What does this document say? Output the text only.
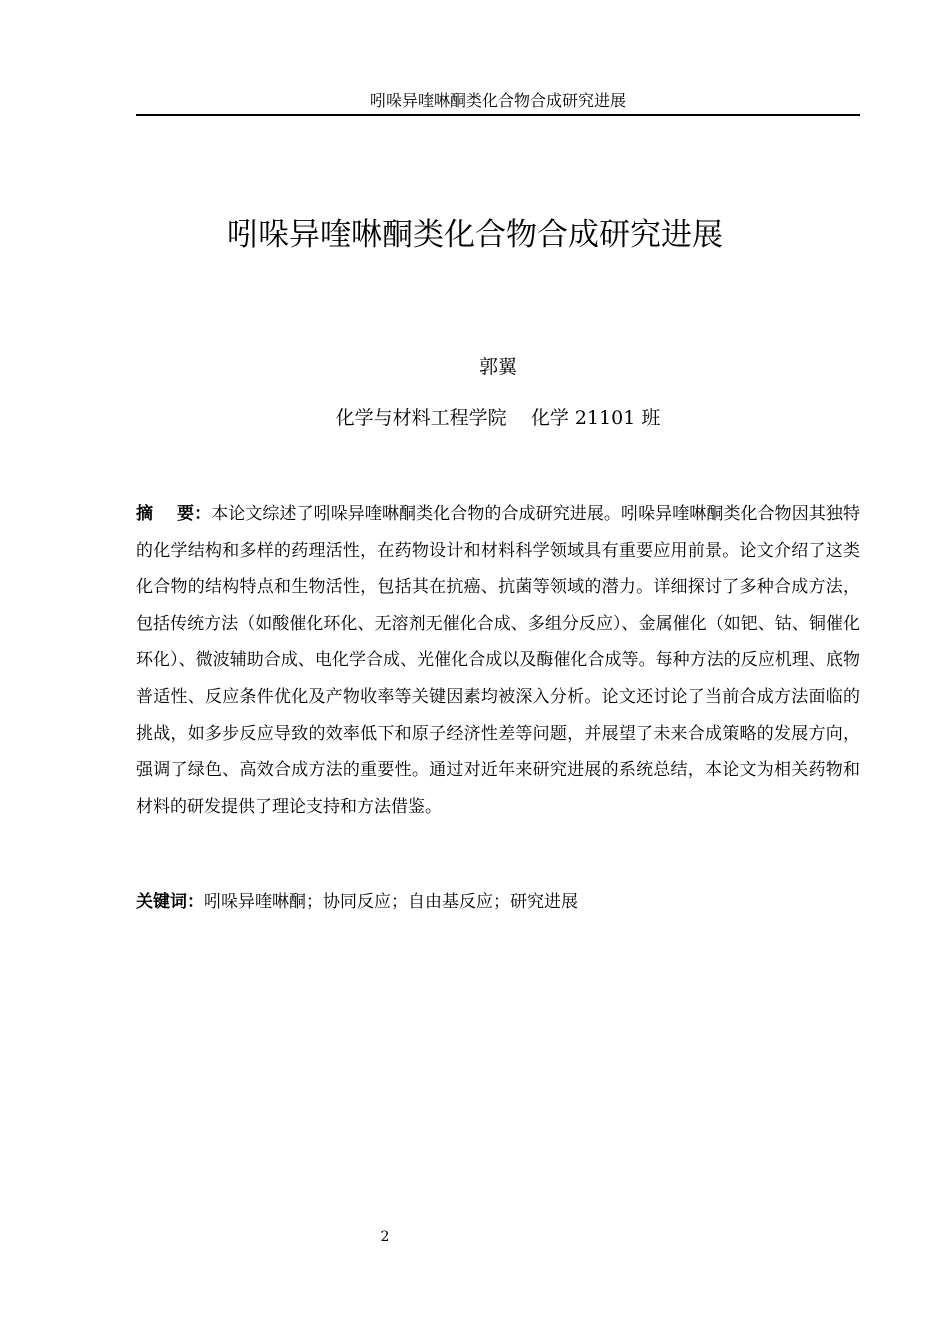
吲哚异喹啉酮类化合物合成研究进展
吲哚异喹啉酮类化合物合成研究进展
郭翼
化学与材料工程学院    化学 21101 班
摘    要：本论文综述了吲哚异喹啉酮类化合物的合成研究进展。吲哚异喹啉酮类化合物因其独特的化学结构和多样的药理活性，在药物设计和材料科学领域具有重要应用前景。论文介绍了这类化合物的结构特点和生物活性，包括其在抗癌、抗菌等领域的潜力。详细探讨了多种合成方法，包括传统方法（如酸催化环化、无溶剂无催化合成、多组分反应）、金属催化（如钯、钴、铜催化环化）、微波辅助合成、电化学合成、光催化合成以及酶催化合成等。每种方法的反应机理、底物普适性、反应条件优化及产物收率等关键因素均被深入分析。论文还讨论了当前合成方法面临的挑战，如多步反应导致的效率低下和原子经济性差等问题，并展望了未来合成策略的发展方向，强调了绿色、高效合成方法的重要性。通过对近年来研究进展的系统总结，本论文为相关药物和材料的研发提供了理论支持和方法借鉴。
关键词：吲哚异喹啉酮；协同反应；自由基反应；研究进展
2
